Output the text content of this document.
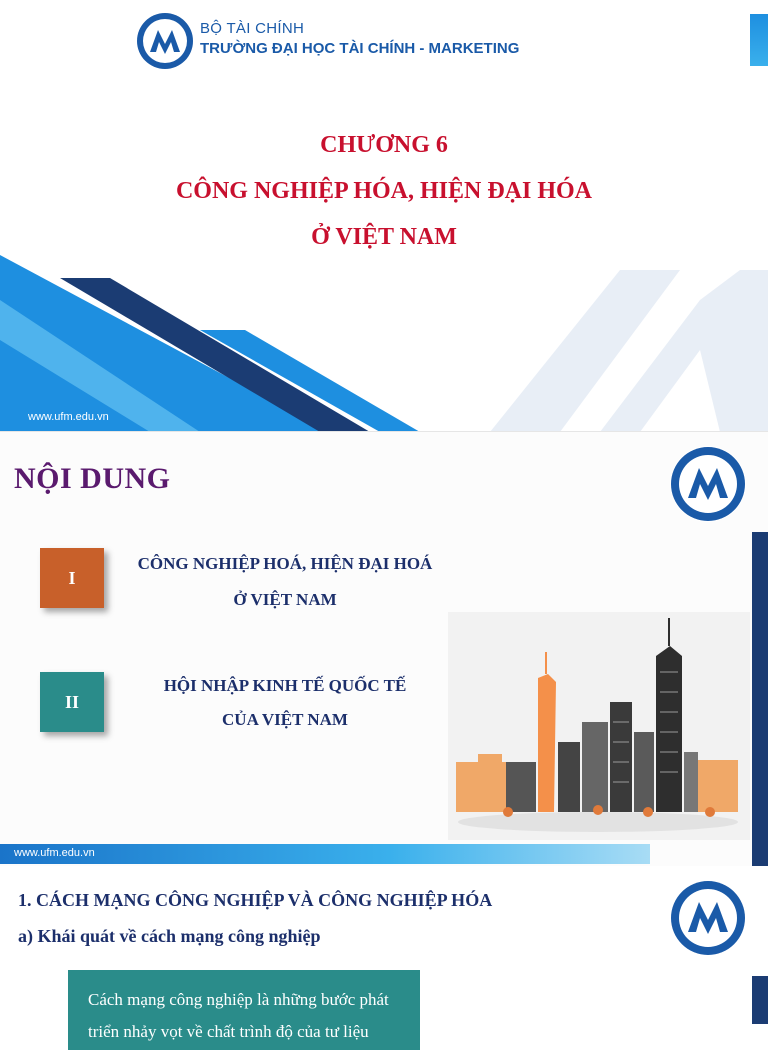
BỘ TÀI CHÍNH
TRƯỜNG ĐẠI HỌC TÀI CHÍNH - MARKETING
CHƯƠNG 6
CÔNG NGHIỆP HÓA, HIỆN ĐẠI HÓA
Ở VIỆT NAM
www.ufm.edu.vn
NỘI DUNG
I
CÔNG NGHIỆP HOÁ, HIỆN ĐẠI HOÁ
Ở VIỆT NAM
II
HỘI NHẬP KINH TẾ QUỐC TẾ
CỦA VIỆT NAM
www.ufm.edu.vn
1. CÁCH MẠNG CÔNG NGHIỆP VÀ CÔNG NGHIỆP HÓA
a) Khái quát về cách mạng công nghiệp
Cách mạng công nghiệp là những bước phát
triển nhảy vọt về chất trình độ của tư liệu
